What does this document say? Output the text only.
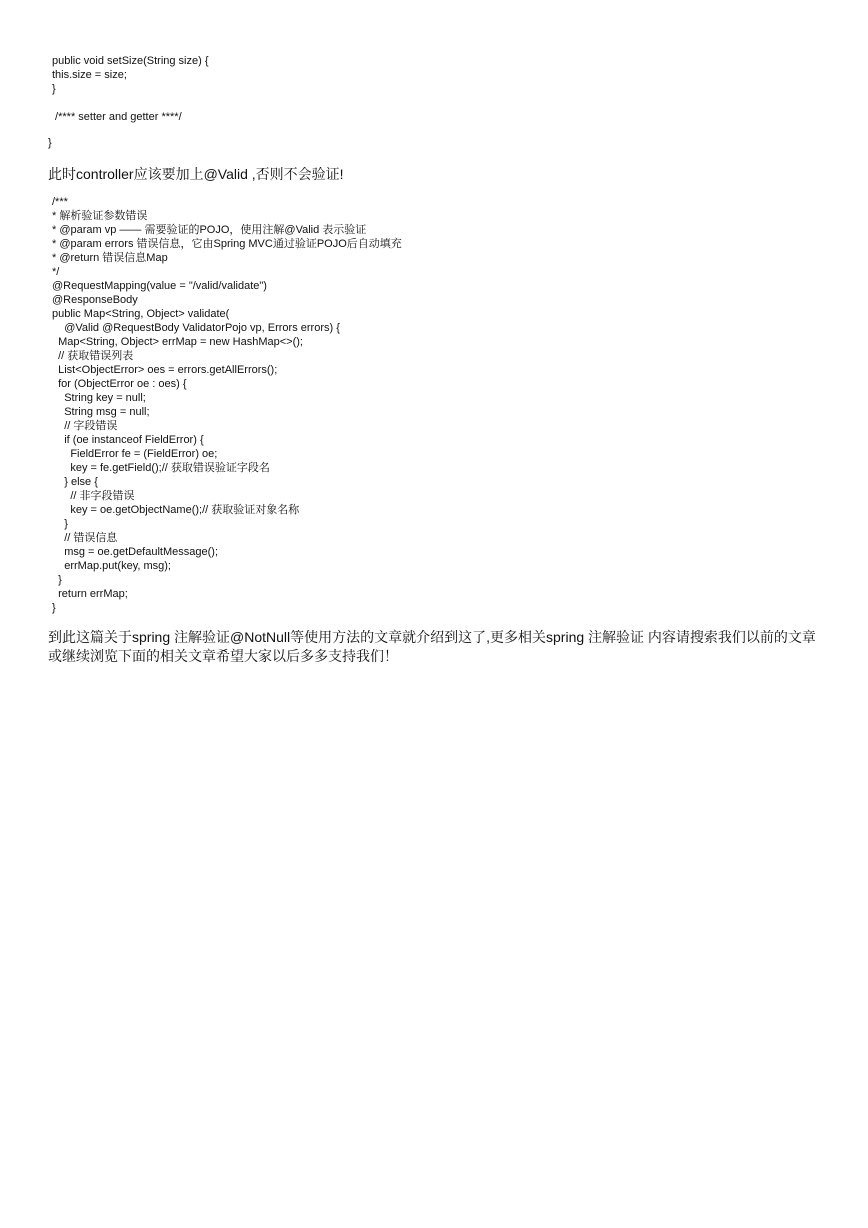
public void setSize(String size) {
this.size = size;
}
/**** setter and getter ****/
}
此时controller应该要加上@Valid ,否则不会验证!
/***
* 解析验证参数错误
* @param vp —— 需要验证的POJO，使用注解@Valid 表示验证
* @param errors 错误信息，它由Spring MVC通过验证POJO后自动填充
* @return 错误信息Map
*/
@RequestMapping(value = "/valid/validate")
@ResponseBody
public Map<String, Object> validate(
@Valid @RequestBody ValidatorPojo vp, Errors errors) {
Map<String, Object> errMap = new HashMap<>();
// 获取错误列表
List<ObjectError> oes = errors.getAllErrors();
for (ObjectError oe : oes) {
String key = null;
String msg = null;
// 字段错误
if (oe instanceof FieldError) {
FieldError fe = (FieldError) oe;
key = fe.getField();// 获取错误验证字段名
} else {
// 非字段错误
key = oe.getObjectName();// 获取验证对象名称
}
// 错误信息
msg = oe.getDefaultMessage();
errMap.put(key, msg);
}
return errMap;
}
到此这篇关于spring 注解验证@NotNull等使用方法的文章就介绍到这了,更多相关spring 注解验证 内容请搜索我们以前的文章
或继续浏览下面的相关文章希望大家以后多多支持我们！
